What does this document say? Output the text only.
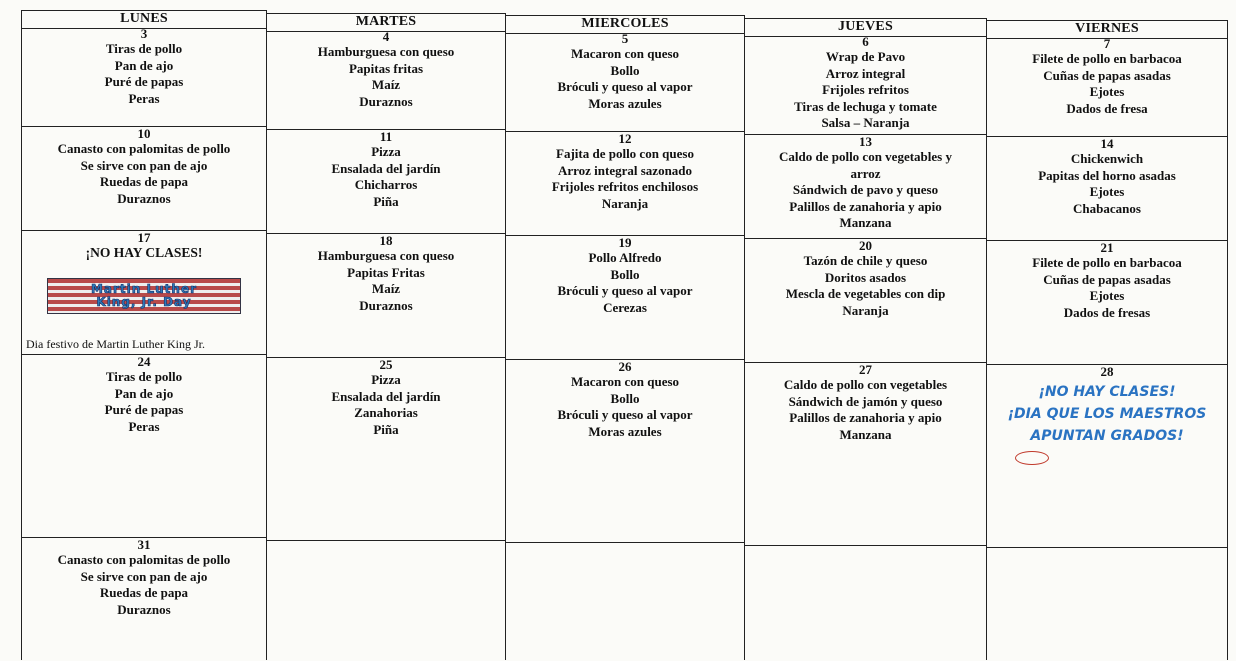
LUNES
3
Tiras de pollo
Pan de ajo
Puré de papas
Peras
10
Canasto con palomitas de pollo
Se sirve con pan de ajo
Ruedas de papa
Duraznos
17
¡NO HAY CLASES!
Martin Luther
King, Jr. Day
Dia festivo de Martin Luther King Jr.
24
Tiras de pollo
Pan de ajo
Puré de papas
Peras
31
Canasto con palomitas de pollo
Se sirve con pan de ajo
Ruedas de papa
Duraznos
MARTES
4
Hamburguesa con queso
Papitas fritas
Maíz
Duraznos
11
Pizza
Ensalada del jardín
Chicharros
Piña
18
Hamburguesa con queso
Papitas Fritas
Maíz
Duraznos
25
Pizza
Ensalada del jardín
Zanahorias
Piña
MIERCOLES
5
Macaron con queso
Bollo
Bróculi y queso al vapor
Moras azules
12
Fajita de pollo con queso
Arroz integral sazonado
Frijoles refritos enchilosos
Naranja
19
Pollo Alfredo
Bollo
Bróculi y queso al vapor
Cerezas
26
Macaron con queso
Bollo
Bróculi y queso al vapor
Moras azules
JUEVES
6
Wrap de Pavo
Arroz integral
Frijoles refritos
Tiras de lechuga y tomate
Salsa – Naranja
13
Caldo de pollo con vegetables y
arroz
Sándwich de pavo y queso
Palillos de zanahoria y apio
Manzana
20
Tazón de chile y queso
Doritos asados
Mescla de vegetables con dip
Naranja
27
Caldo de pollo con vegetables
Sándwich de jamón y queso
Palillos de zanahoria y apio
Manzana
VIERNES
7
Filete de pollo en barbacoa
Cuñas de papas asadas
Ejotes
Dados de fresa
14
Chickenwich
Papitas del horno asadas
Ejotes
Chabacanos
21
Filete de pollo en barbacoa
Cuñas de papas asadas
Ejotes
Dados de fresas
28
¡NO HAY CLASES!
¡DIA QUE LOS MAESTROS
APUNTAN GRADOS!
